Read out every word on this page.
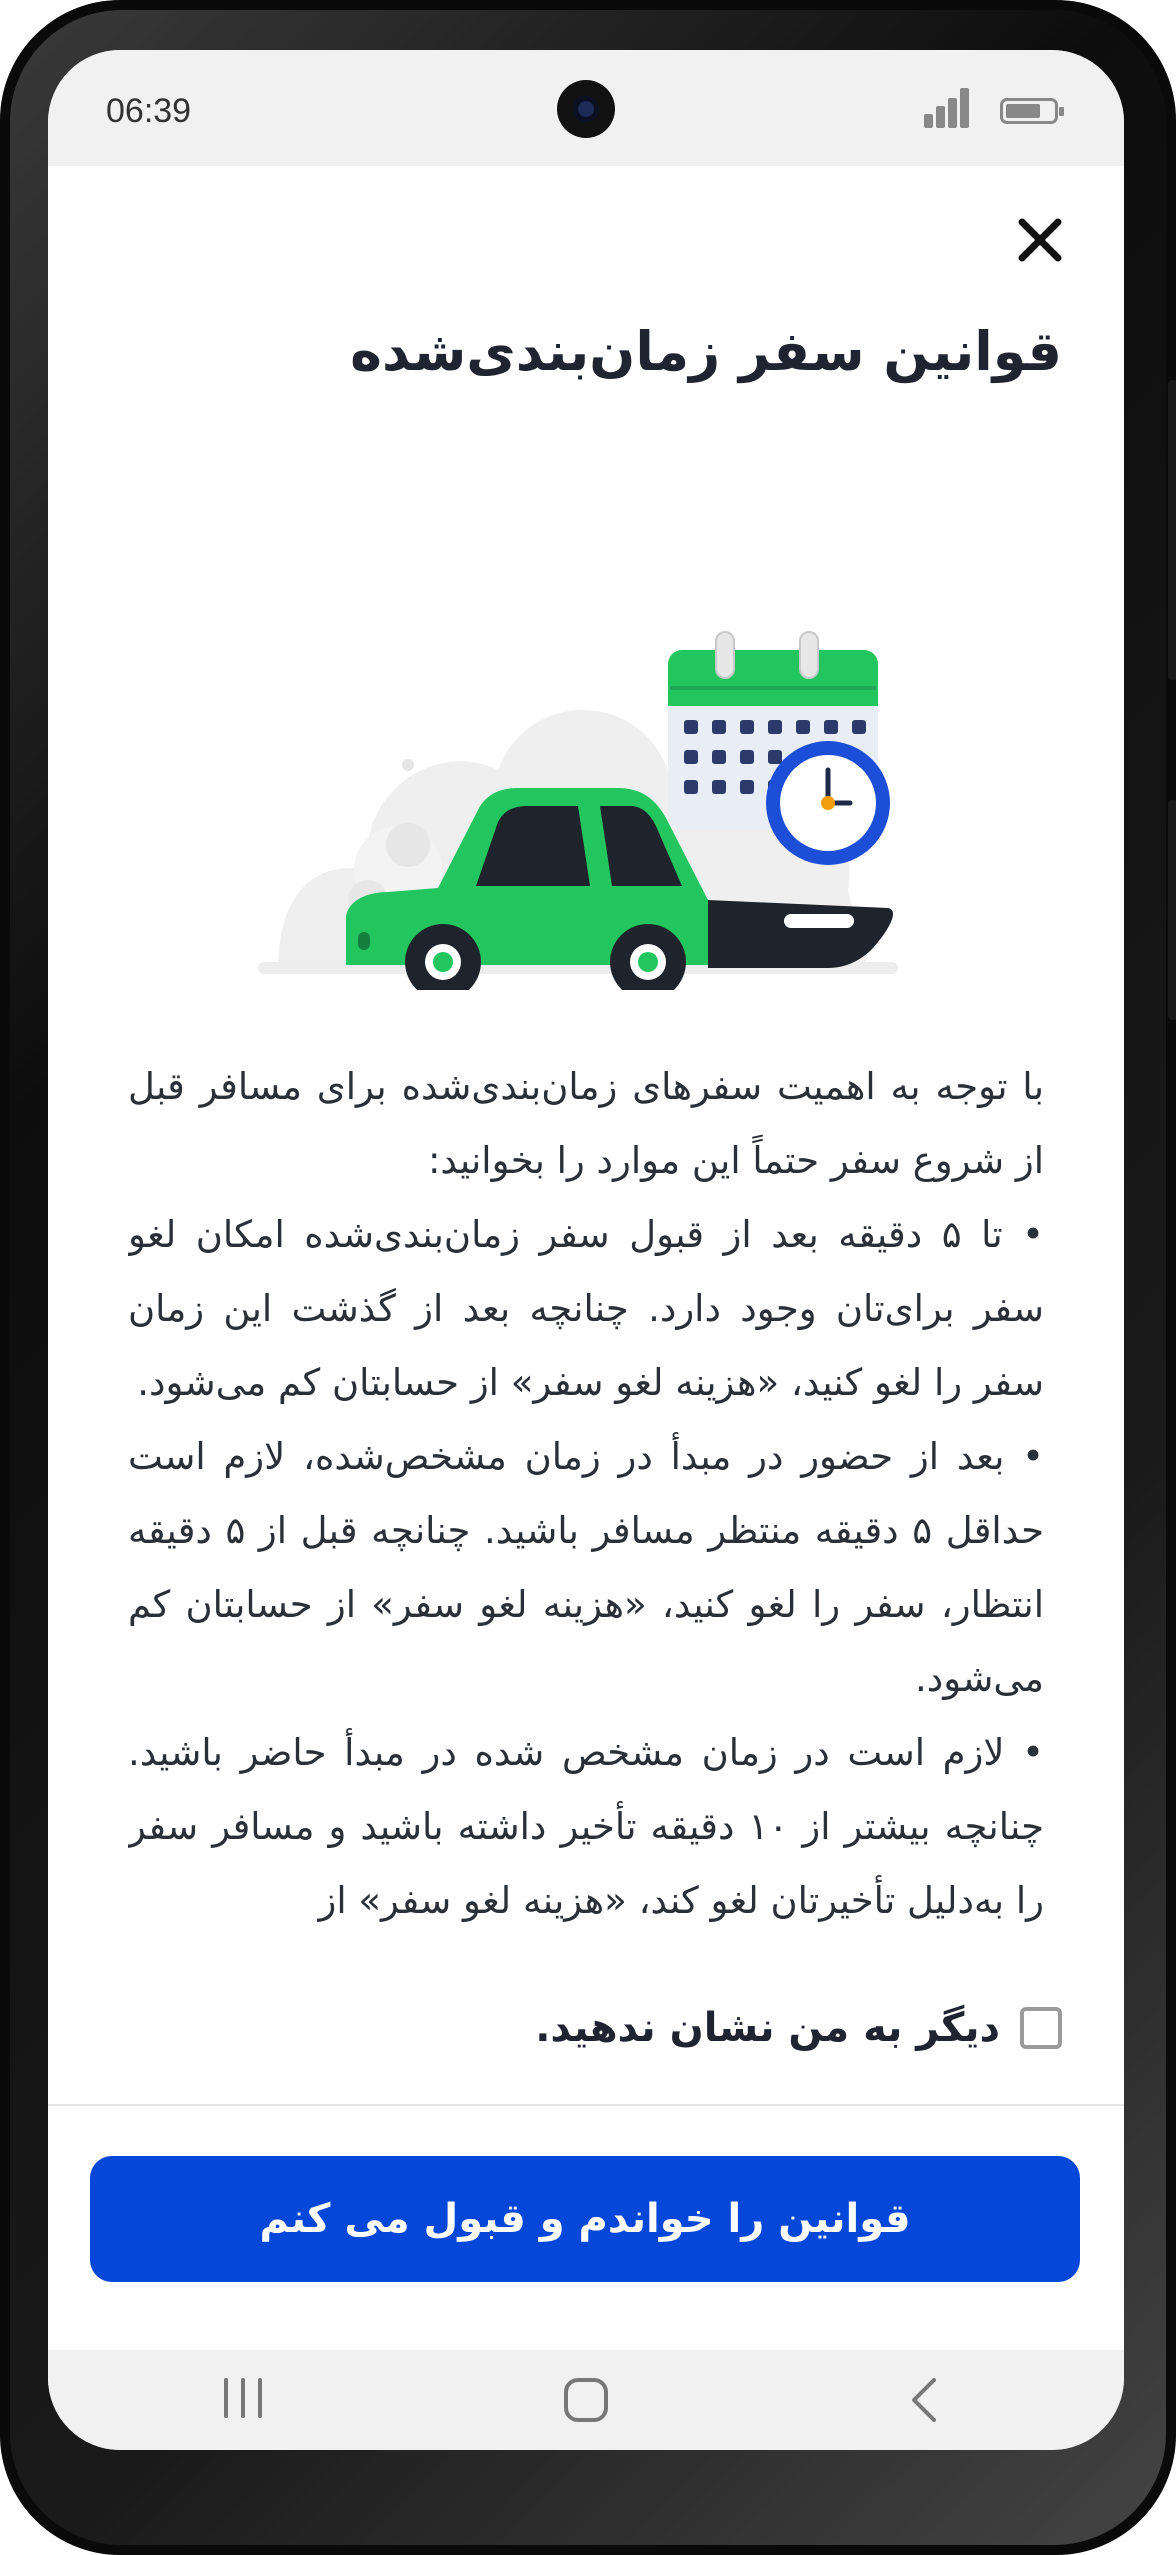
06:39
قوانین سفر زمان‌بندی‌شده

با توجه به اهمیت سفرهای زمان‌بندی‌شده برای مسافر قبل از شروع سفر حتماً این موارد را بخوانید:

• تا ۵ دقیقه بعد از قبول سفر زمان‌بندی‌شده امکان لغو سفر برای‌تان وجود دارد. چنانچه بعد از گذشت این زمان سفر را لغو کنید، «هزینه لغو سفر» از حسابتان کم می‌شود.

• بعد از حضور در مبدأ در زمان مشخص‌شده، لازم است حداقل ۵ دقیقه منتظر مسافر باشید. چنانچه قبل از ۵ دقیقه انتظار، سفر را لغو کنید، «هزینه لغو سفر» از حسابتان کم می‌شود.

• لازم است در زمان مشخص شده در مبدأ حاضر باشید. چنانچه بیشتر از ۱۰ دقیقه تأخیر داشته باشید و مسافر سفر را به‌دلیل تأخیرتان لغو کند، «هزینه لغو سفر» از

دیگر به من نشان ندهید.
قوانین را خواندم و قبول می کنم
